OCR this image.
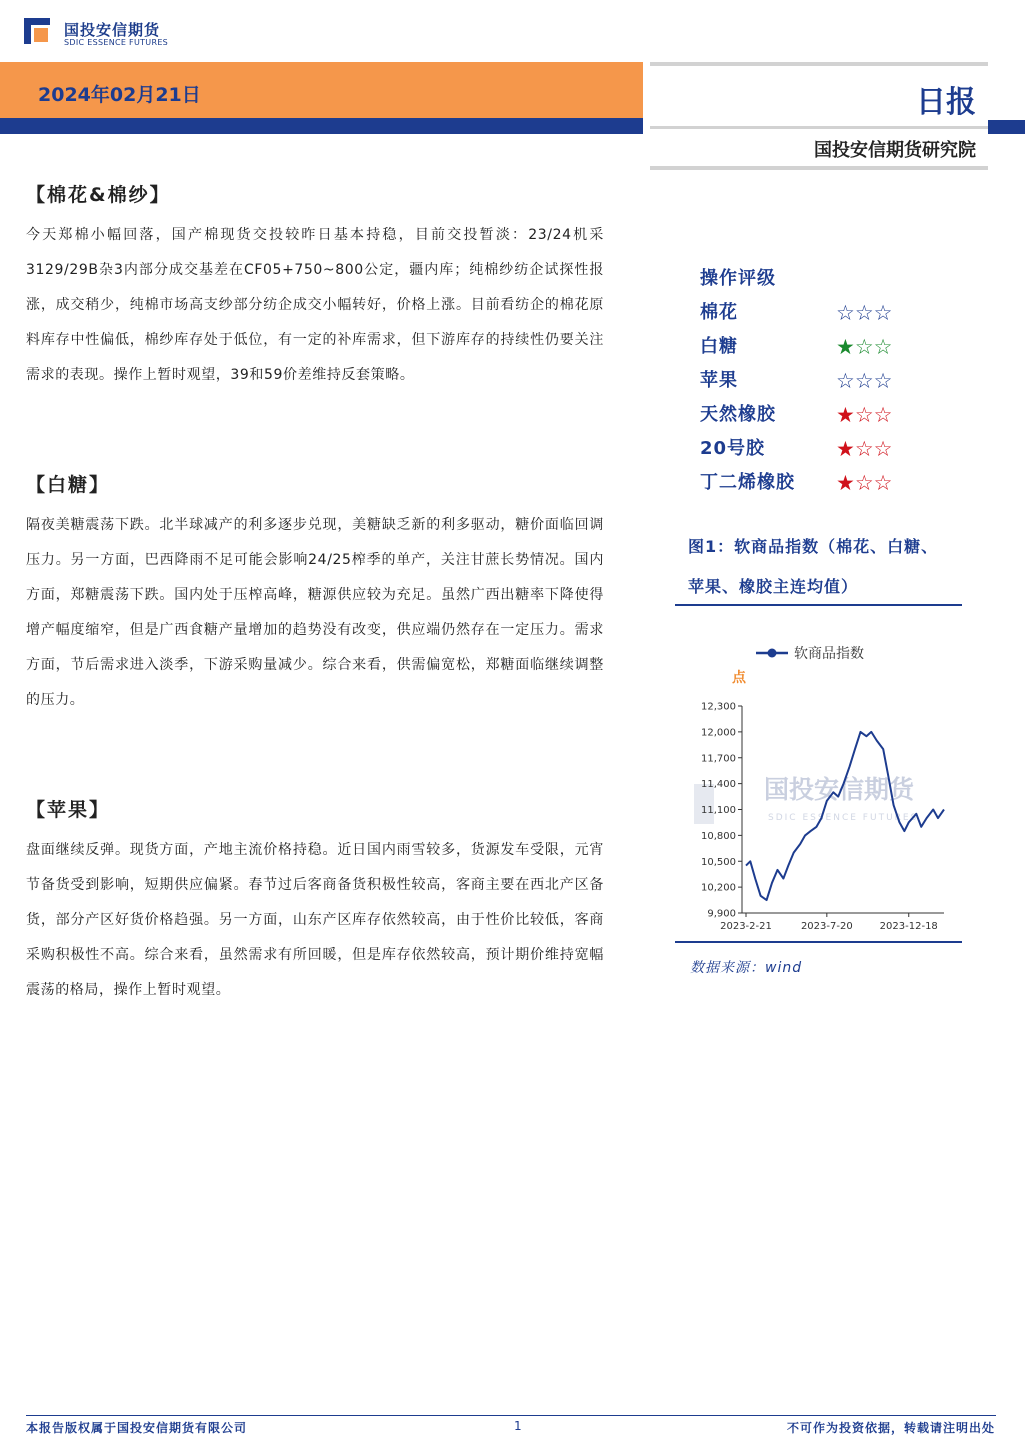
国投安信期货
SDIC ESSENCE FUTURES
2024年02月21日	日报
国投安信期货研究院
【棉花&棉纱】
今天郑棉小幅回落，国产棉现货交投较昨日基本持稳，目前交投暂淡：23/24机采3129/29B杂3内部分成交基差在CF05+750~800公定，疆内库；纯棉纱纺企试探性报涨，成交稍少，纯棉市场高支纱部分纺企成交小幅转好，价格上涨。目前看纺企的棉花原料库存中性偏低，棉纱库存处于低位，有一定的补库需求，但下游库存的持续性仍要关注需求的表现。操作上暂时观望，39和59价差维持反套策略。
【白糖】
隔夜美糖震荡下跌。北半球减产的利多逐步兑现，美糖缺乏新的利多驱动，糖价面临回调压力。另一方面，巴西降雨不足可能会影响24/25榨季的单产，关注甘蔗长势情况。国内方面，郑糖震荡下跌。国内处于压榨高峰，糖源供应较为充足。虽然广西出糖率下降使得增产幅度缩窄，但是广西食糖产量增加的趋势没有改变，供应端仍然存在一定压力。需求方面，节后需求进入淡季，下游采购量减少。综合来看，供需偏宽松，郑糖面临继续调整的压力。
【苹果】
盘面继续反弹。现货方面，产地主流价格持稳。近日国内雨雪较多，货源发车受限，元宵节备货受到影响，短期供应偏紧。春节过后客商备货积极性较高，客商主要在西北产区备货，部分产区好货价格趋强。另一方面，山东产区库存依然较高，由于性价比较低，客商采购积极性不高。综合来看，虽然需求有所回暖，但是库存依然较高，预计期价维持宽幅震荡的格局，操作上暂时观望。
操作评级
棉花	☆☆☆
白糖	★☆☆
苹果	☆☆☆
天然橡胶	★☆☆
20号胶	★☆☆
丁二烯橡胶 ★☆☆
图1：软商品指数（棉花、白糖、苹果、橡胶主连均值）
国投安信期货
SDIC ESSENCE FUTURES
软商品指数
点
9,900
10,200
10,500
10,800
11,100
11,400
11,700
12,000
12,300
2023-2-21	2023-7-20	2023-12-18
数据来源：wind
本报告版权属于国投安信期货有限公司	1	不可作为投资依据，转载请注明出处
